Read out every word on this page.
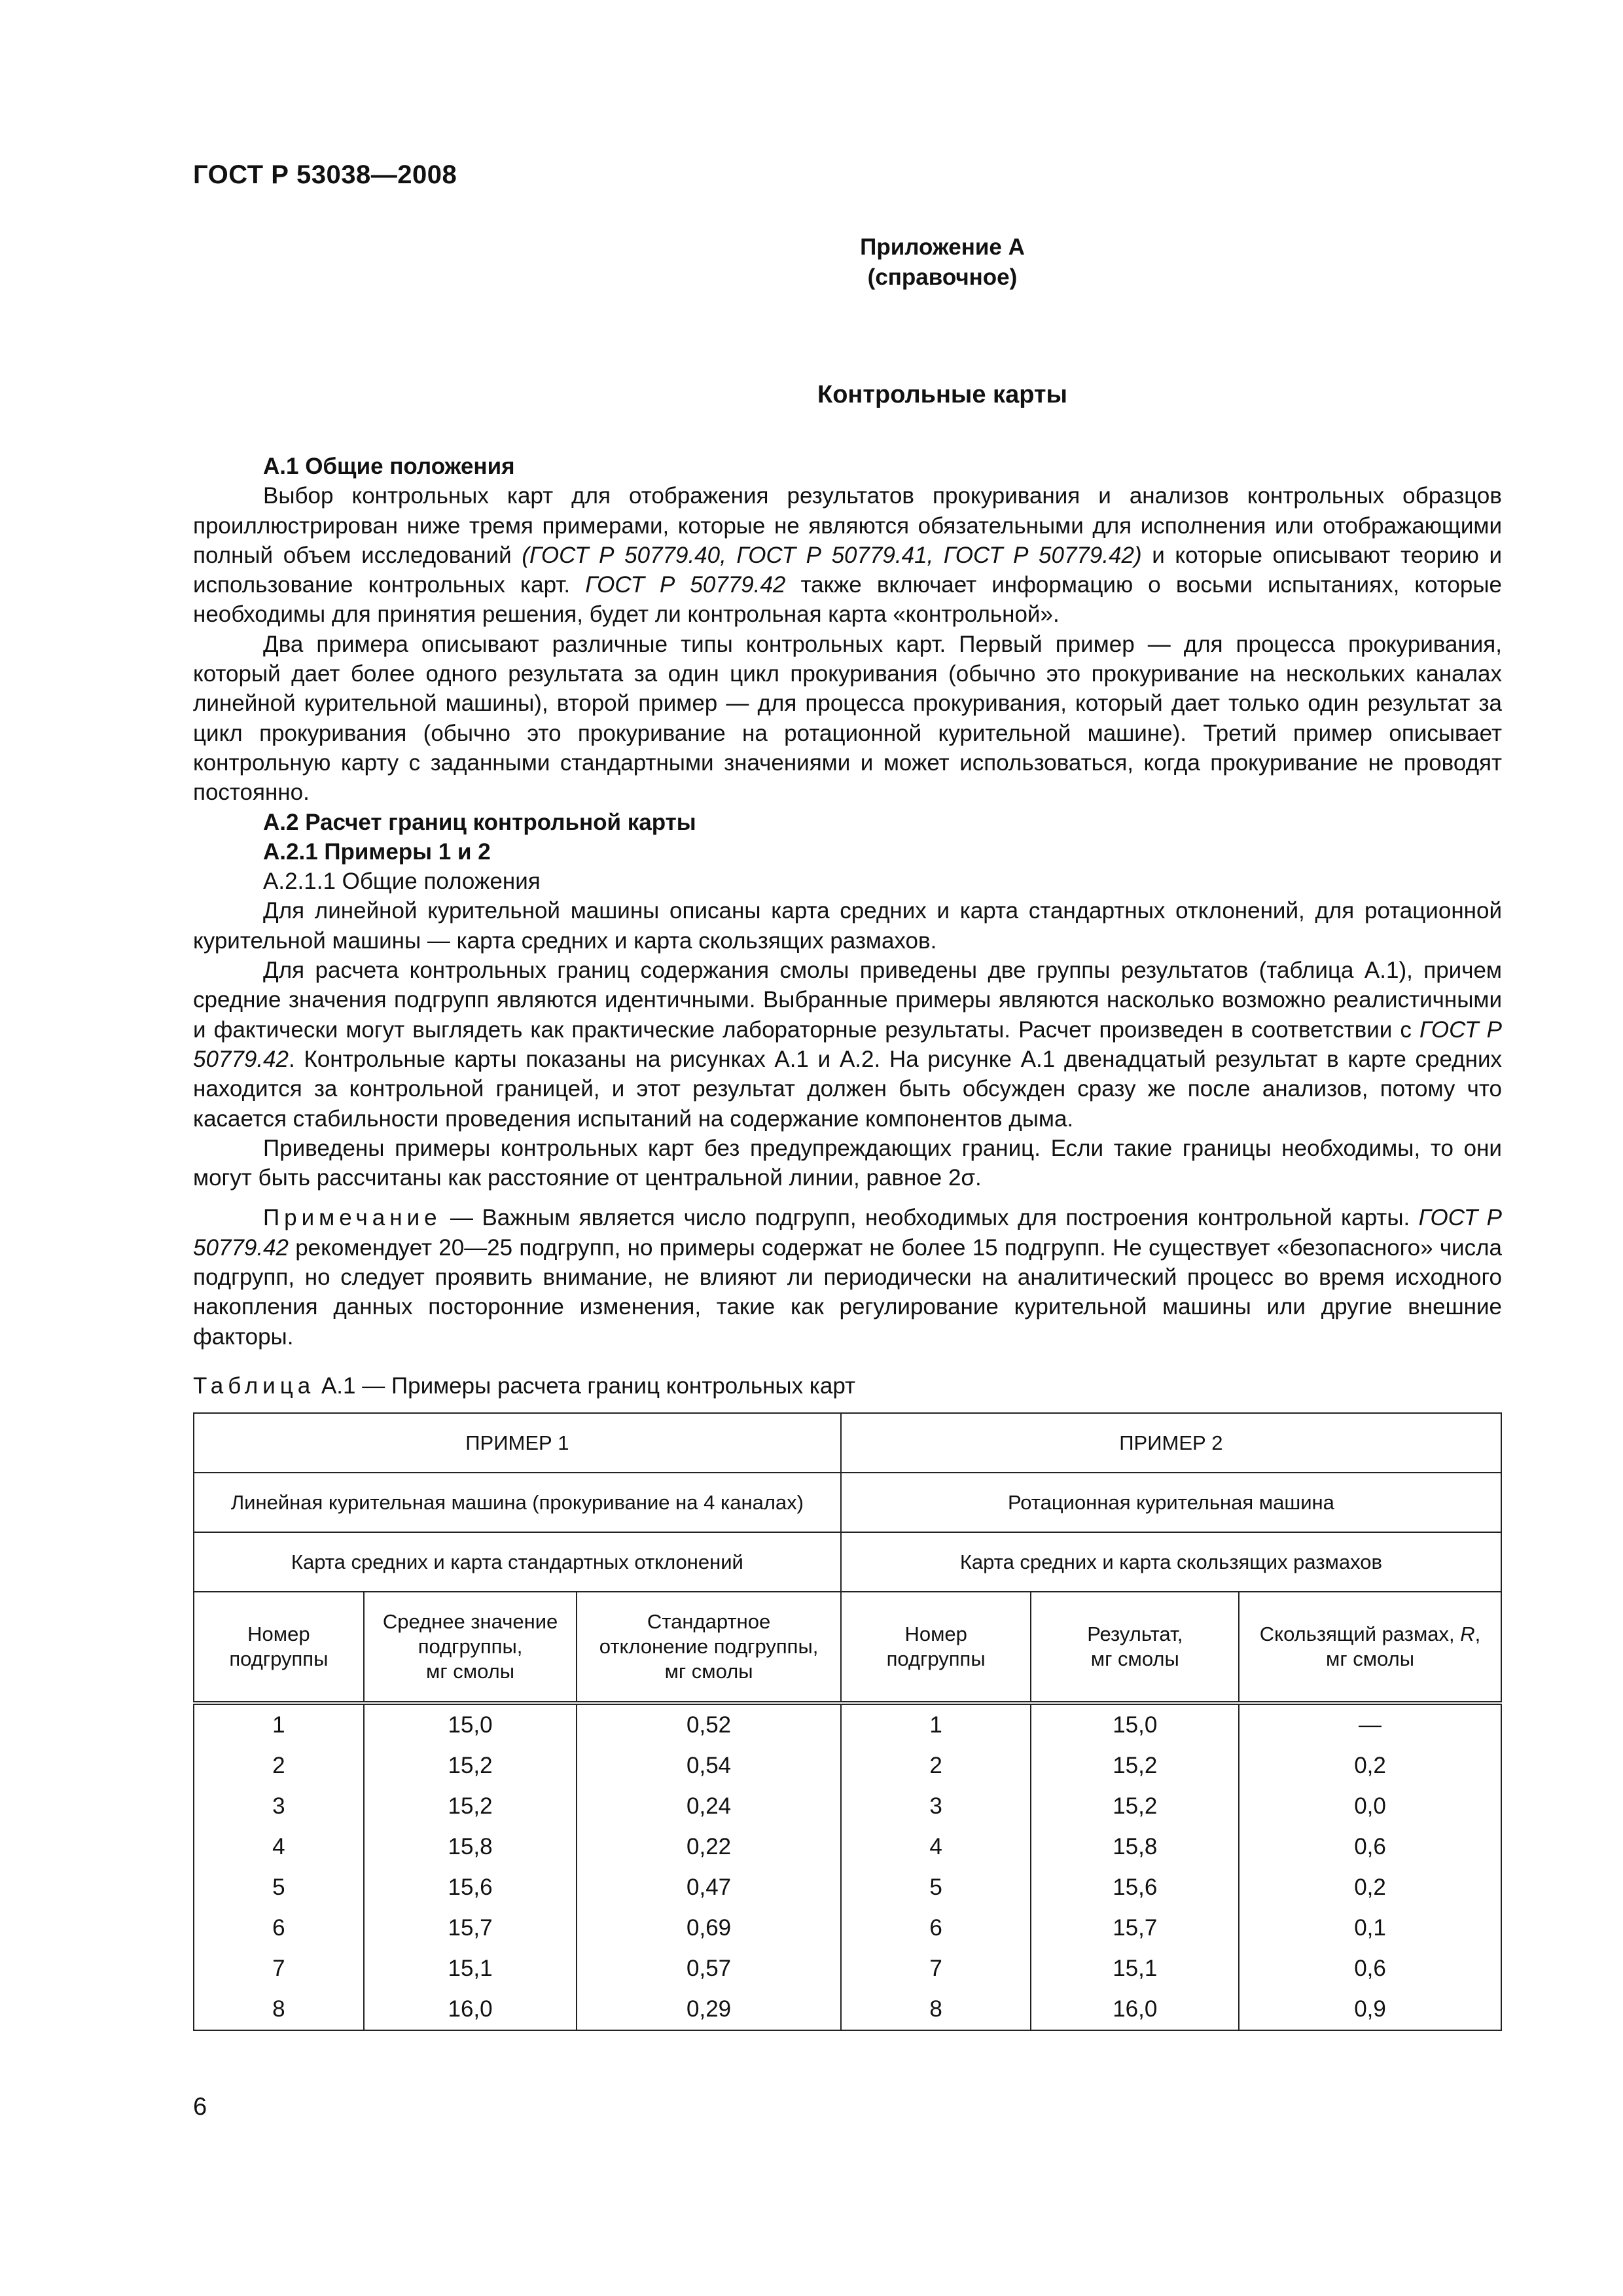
ГОСТ Р 53038—2008
Приложение А
(справочное)
Контрольные карты

А.1 Общие положения

Выбор контрольных карт для отображения результатов прокуривания и анализов контрольных образцов проиллюстрирован ниже тремя примерами, которые не являются обязательными для исполнения или отображающими полный объем исследований (ГОСТ Р 50779.40, ГОСТ Р 50779.41, ГОСТ Р 50779.42) и которые описывают теорию и использование контрольных карт. ГОСТ Р 50779.42 также включает информацию о восьми испытаниях, которые необходимы для принятия решения, будет ли контрольная карта «контрольной».

Два примера описывают различные типы контрольных карт. Первый пример — для процесса прокуривания, который дает более одного результата за один цикл прокуривания (обычно это прокуривание на нескольких каналах линейной курительной машины), второй пример — для процесса прокуривания, который дает только один результат за цикл прокуривания (обычно это прокуривание на ротационной курительной машине). Третий пример описывает контрольную карту с заданными стандартными значениями и может использоваться, когда прокуривание не проводят постоянно.

А.2 Расчет границ контрольной карты

А.2.1 Примеры 1 и 2

А.2.1.1 Общие положения

Для линейной курительной машины описаны карта средних и карта стандартных отклонений, для ротационной курительной машины — карта средних и карта скользящих размахов.

Для расчета контрольных границ содержания смолы приведены две группы результатов (таблица А.1), причем средние значения подгрупп являются идентичными. Выбранные примеры являются насколько возможно реалистичными и фактически могут выглядеть как практические лабораторные результаты. Расчет произведен в соответствии с ГОСТ Р 50779.42. Контрольные карты показаны на рисунках А.1 и А.2. На рисунке А.1 двенадцатый результат в карте средних находится за контрольной границей, и этот результат должен быть обсужден сразу же после анализов, потому что касается стабильности проведения испытаний на содержание компонентов дыма.

Приведены примеры контрольных карт без предупреждающих границ. Если такие границы необходимы, то они могут быть рассчитаны как расстояние от центральной линии, равное 2σ.

Примечание — Важным является число подгрупп, необходимых для построения контрольной карты. ГОСТ Р 50779.42 рекомендует 20—25 подгрупп, но примеры содержат не более 15 подгрупп. Не существует «безопасного» числа подгрупп, но следует проявить внимание, не влияют ли периодически на аналитический процесс во время исходного накопления данных посторонние изменения, такие как регулирование курительной машины или другие внешние факторы.

Таблица А.1 — Примеры расчета границ контрольных карт
ПРИМЕР 1			ПРИМЕР 2		
Линейная курительная машина (прокуривание на 4 каналах)			Ротационная курительная машина		
Карта средних и карта стандартных отклонений			Карта средних и карта скользящих размахов		
Номер
подгруппы	Среднее значение
подгруппы,
мг смолы	Стандартное
отклонение подгруппы,
мг смолы	Номер
подгруппы	Результат,
мг смолы	Скользящий размах, R,
мг смолы
1	15,0	0,52	1	15,0	—
2	15,2	0,54	2	15,2	0,2
3	15,2	0,24	3	15,2	0,0
4	15,8	0,22	4	15,8	0,6
5	15,6	0,47	5	15,6	0,2
6	15,7	0,69	6	15,7	0,1
7	15,1	0,57	7	15,1	0,6
8	16,0	0,29	8	16,0	0,9
6
